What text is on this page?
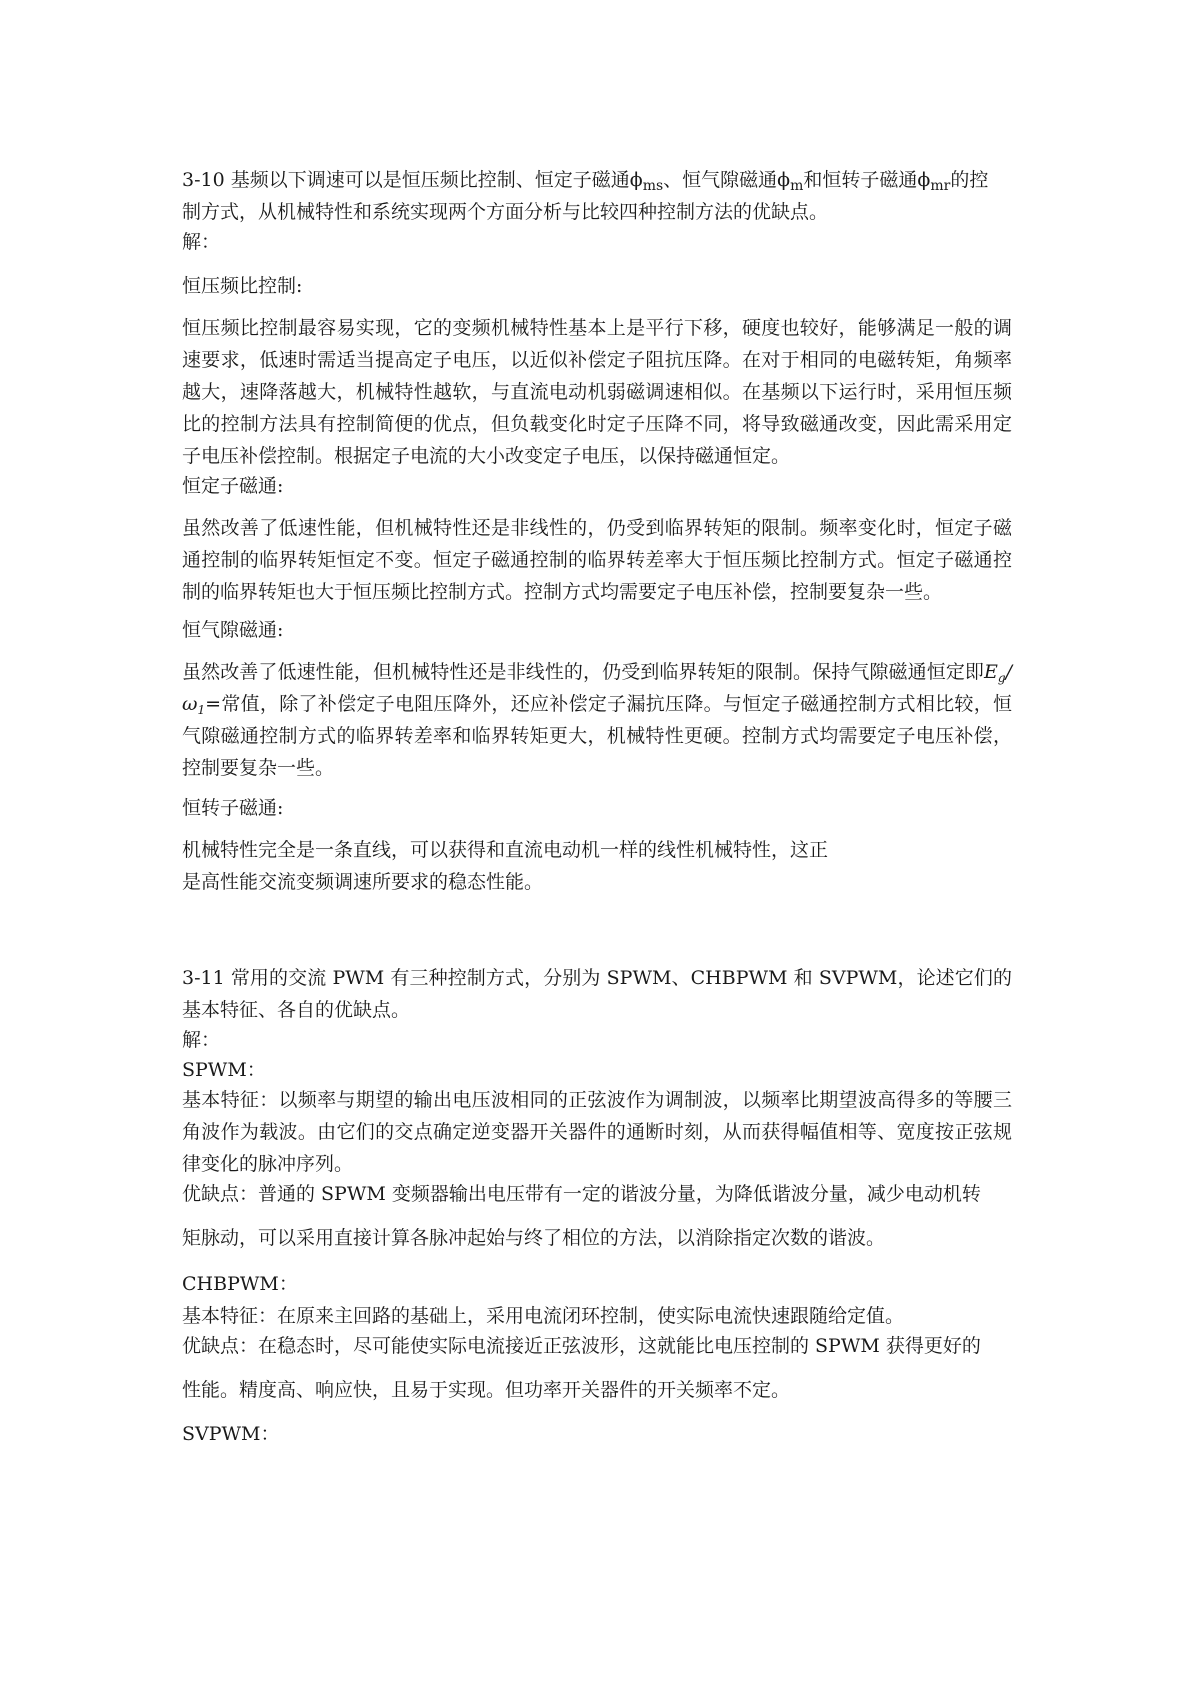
3-10 基频以下调速可以是恒压频比控制、恒定子磁通$\phi_{ms}$、恒气隙磁通$\phi_m$和恒转子磁通$\phi_{mr}$的控

制方式，从机械特性和系统实现两个方面分析与比较四种控制方法的优缺点。

解：

恒压频比控制:

恒压频比控制最容易实现，它的变频机械特性基本上是平行下移，硬度也较好，能够满足一般的调速要求，低速时需适当提高定子电压，以近似补偿定子阻抗压降。在对于相同的电磁转矩，角频率越大，速降落越大，机械特性越软，与直流电动机弱磁调速相似。在基频以下运行时，采用恒压频比的控制方法具有控制简便的优点，但负载变化时定子压降不同，将导致磁通改变，因此需采用定子电压补偿控制。根据定子电流的大小改变定子电压，以保持磁通恒定。

恒定子磁通:

虽然改善了低速性能，但机械特性还是非线性的，仍受到临界转矩的限制。频率变化时，恒定子磁通控制的临界转矩恒定不变。恒定子磁通控制的临界转差率大于恒压频比控制方式。恒定子磁通控制的临界转矩也大于恒压频比控制方式。控制方式均需要定子电压补偿，控制要复杂一些。

恒气隙磁通:

虽然改善了低速性能，但机械特性还是非线性的，仍受到临界转矩的限制。保持气隙磁通恒定即$E_g/\omega_1=$常值，除了补偿定子电阻压降外，还应补偿定子漏抗压降。与恒定子磁通控制方式相比较，恒气隙磁通控制方式的临界转差率和临界转矩更大，机械特性更硬。控制方式均需要定子电压补偿，控制要复杂一些。

恒转子磁通:

机械特性完全是一条直线，可以获得和直流电动机一样的线性机械特性，这正

是高性能交流变频调速所要求的稳态性能。

3-11 常用的交流 PWM 有三种控制方式，分别为 SPWM、CHBPWM 和 SVPWM，论述它们的基本特征、各自的优缺点。

解：

SPWM：

基本特征：以频率与期望的输出电压波相同的正弦波作为调制波，以频率比期望波高得多的等腰三角波作为载波。由它们的交点确定逆变器开关器件的通断时刻，从而获得幅值相等、宽度按正弦规律变化的脉冲序列。

优缺点：普通的 SPWM 变频器输出电压带有一定的谐波分量，为降低谐波分量，减少电动机转

矩脉动，可以采用直接计算各脉冲起始与终了相位的方法，以消除指定次数的谐波。

CHBPWM：

基本特征：在原来主回路的基础上，采用电流闭环控制，使实际电流快速跟随给定值。

优缺点：在稳态时，尽可能使实际电流接近正弦波形，这就能比电压控制的 SPWM 获得更好的

性能。精度高、响应快，且易于实现。但功率开关器件的开关频率不定。

SVPWM：
